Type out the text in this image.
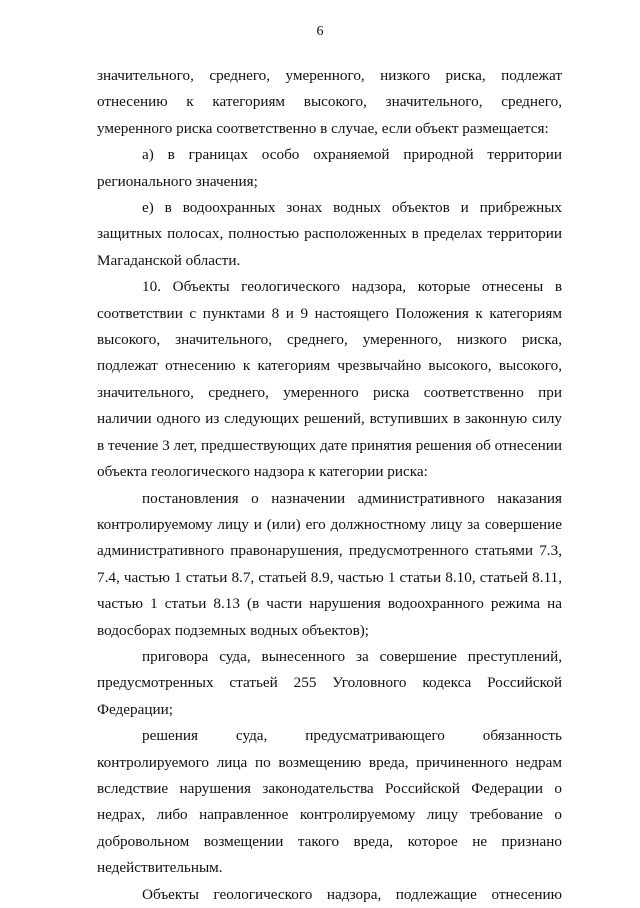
6

значительного, среднего, умеренного, низкого риска, подлежат отнесению к категориям высокого, значительного, среднего, умеренного риска соответственно в случае, если объект размещается:

а) в границах особо охраняемой природной территории регионального значения;

е) в водоохранных зонах водных объектов и прибрежных защитных полосах, полностью расположенных в пределах территории Магаданской области.

10. Объекты геологического надзора, которые отнесены в соответствии с пунктами 8 и 9 настоящего Положения к категориям высокого, значительного, среднего, умеренного, низкого риска, подлежат отнесению к категориям чрезвычайно высокого, высокого, значительного, среднего, умеренного риска соответственно при наличии одного из следующих решений, вступивших в законную силу в течение 3 лет, предшествующих дате принятия решения об отнесении объекта геологического надзора к категории риска:

постановления о назначении административного наказания контролируемому лицу и (или) его должностному лицу за совершение административного правонарушения, предусмотренного статьями 7.3, 7.4, частью 1 статьи 8.7, статьей 8.9, частью 1 статьи 8.10, статьей 8.11, частью 1 статьи 8.13 (в части нарушения водоохранного режима на водосборах подземных водных объектов);

приговора суда, вынесенного за совершение преступлений, предусмотренных статьей 255 Уголовного кодекса Российской Федерации;

решения суда, предусматривающего обязанность контролируемого лица по возмещению вреда, причиненного недрам вследствие нарушения законодательства Российской Федерации о недрах, либо направленное контролируемому лицу требование о добровольном возмещении такого вреда, которое не признано недействительным.

Объекты геологического надзора, подлежащие отнесению
